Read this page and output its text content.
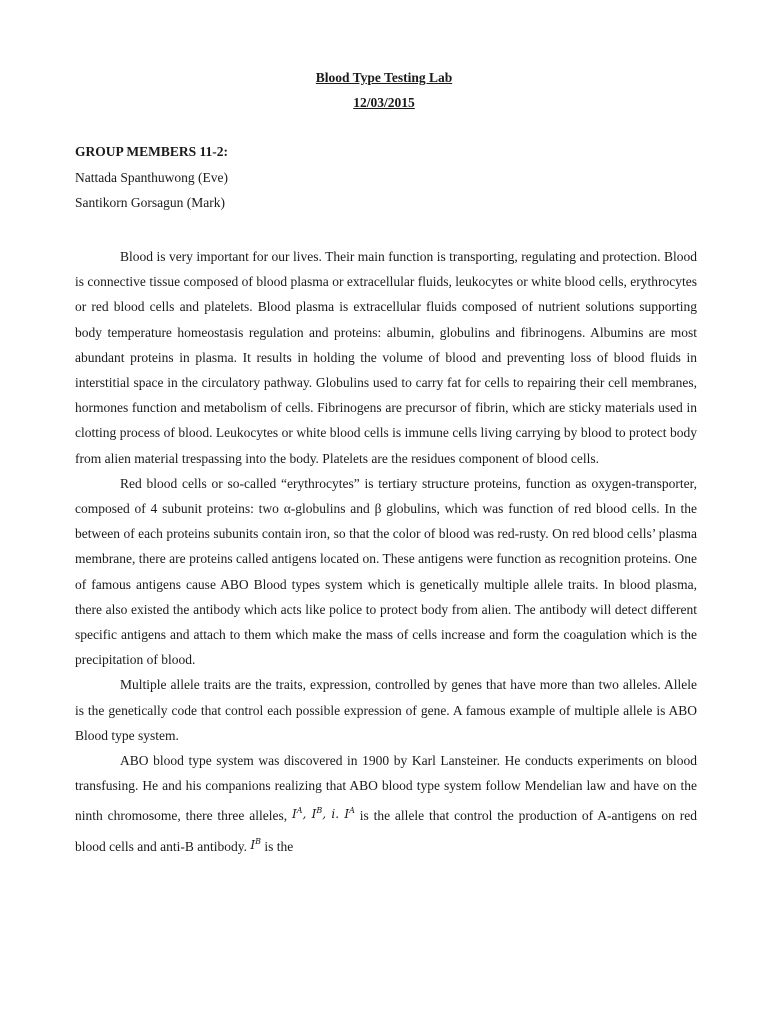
Blood Type Testing Lab
12/03/2015
GROUP MEMBERS 11-2:
Nattada Spanthuwong (Eve)
Santikorn Gorsagun (Mark)

Blood is very important for our lives. Their main function is transporting, regulating and protection. Blood is connective tissue composed of blood plasma or extracellular fluids, leukocytes or white blood cells, erythrocytes or red blood cells and platelets. Blood plasma is extracellular fluids composed of nutrient solutions supporting body temperature homeostasis regulation and proteins: albumin, globulins and fibrinogens. Albumins are most abundant proteins in plasma. It results in holding the volume of blood and preventing loss of blood fluids in interstitial space in the circulatory pathway. Globulins used to carry fat for cells to repairing their cell membranes, hormones function and metabolism of cells. Fibrinogens are precursor of fibrin, which are sticky materials used in clotting process of blood. Leukocytes or white blood cells is immune cells living carrying by blood to protect body from alien material trespassing into the body. Platelets are the residues component of blood cells.

Red blood cells or so-called “erythrocytes” is tertiary structure proteins, function as oxygen-transporter, composed of 4 subunit proteins: two α-globulins and β globulins, which was function of red blood cells. In the between of each proteins subunits contain iron, so that the color of blood was red-rusty. On red blood cells’ plasma membrane, there are proteins called antigens located on. These antigens were function as recognition proteins. One of famous antigens cause ABO Blood types system which is genetically multiple allele traits. In blood plasma, there also existed the antibody which acts like police to protect body from alien. The antibody will detect different specific antigens and attach to them which make the mass of cells increase and form the coagulation which is the precipitation of blood.

Multiple allele traits are the traits, expression, controlled by genes that have more than two alleles. Allele is the genetically code that control each possible expression of gene. A famous example of multiple allele is ABO Blood type system.

ABO blood type system was discovered in 1900 by Karl Lansteiner. He conducts experiments on blood transfusing. He and his companions realizing that ABO blood type system follow Mendelian law and have on the ninth chromosome, there three alleles, $I^A$, $I^B$, i. $I^A$ is the allele that control the production of A-antigens on red blood cells and anti-B antibody. $I^B$ is the
